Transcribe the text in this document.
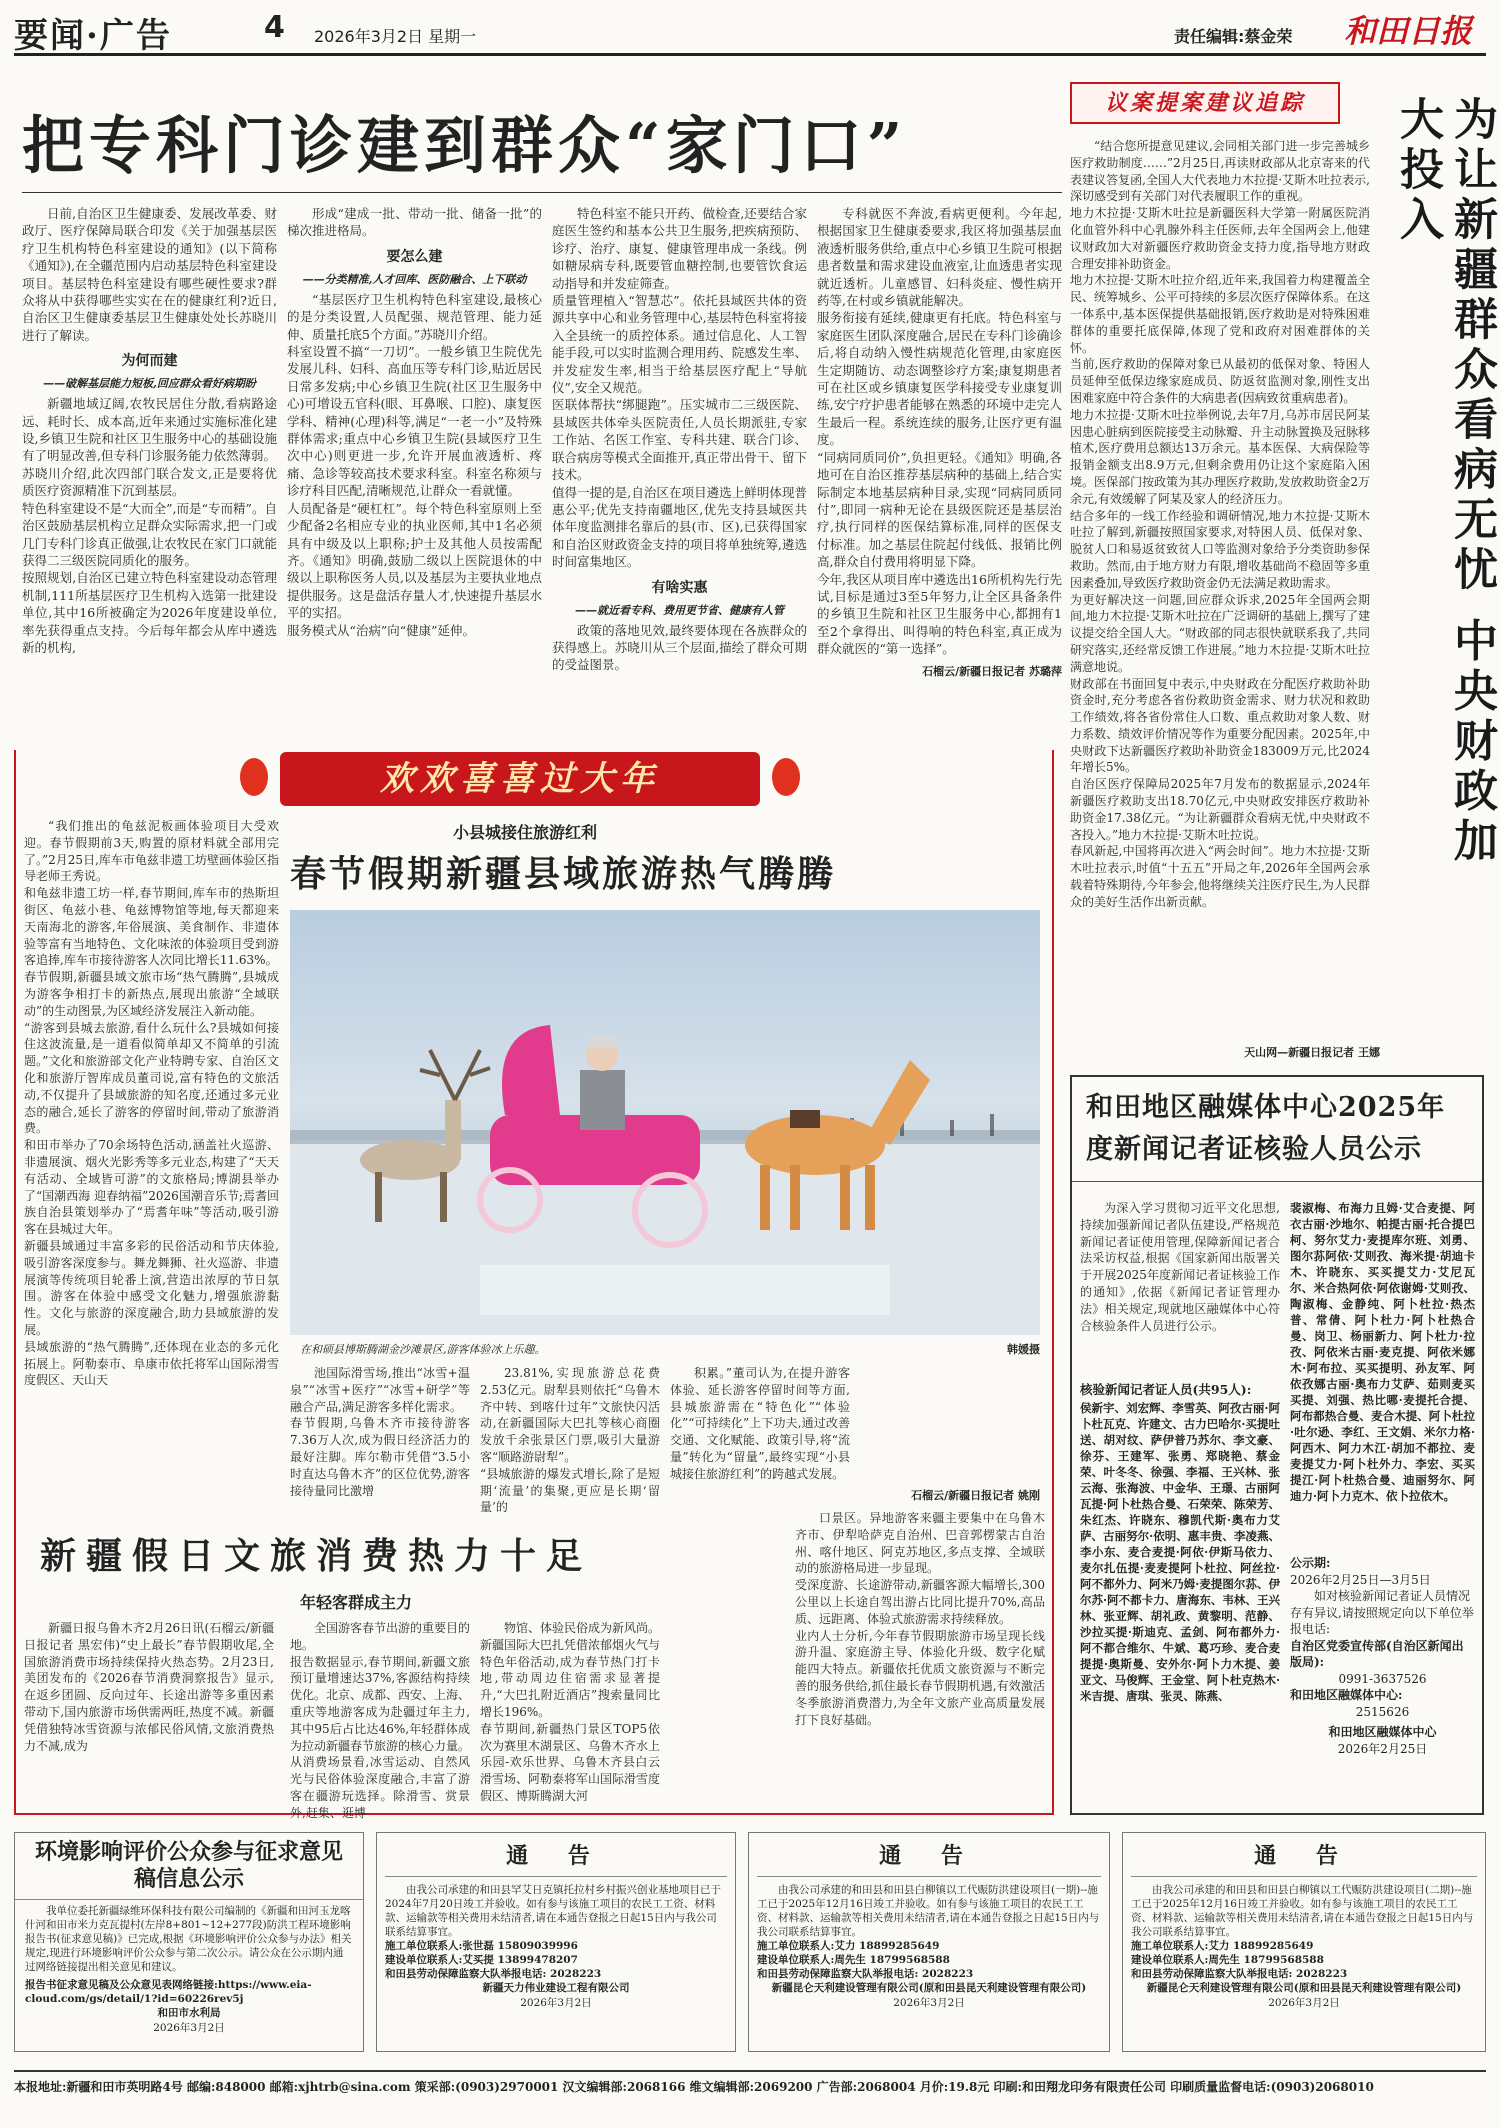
要闻·广告	4 2026年3月2日 星期一	责任编辑:蔡金荣 和田日报
把专科门诊建到群众“家门口”
日前,自治区卫生健康委、发展改革委、财政厅、医疗保障局联合印发《关于加强基层医疗卫生机构特色科室建设的通知》(以下简称《通知》),在全疆范围内启动基层特色科室建设项目。基层特色科室建设有哪些硬性要求?群众将从中获得哪些实实在在的健康红利?近日,自治区卫生健康委基层卫生健康处处长苏晓川进行了解读。
为何而建
——破解基层能力短板,回应群众看好病期盼
新疆地域辽阔,农牧民居住分散,看病路途远、耗时长、成本高,近年来通过实施标准化建设,乡镇卫生院和社区卫生服务中心的基础设施有了明显改善,但专科门诊服务能力依然薄弱。
苏晓川介绍,此次四部门联合发文,正是要将优质医疗资源精准下沉到基层。
特色科室建设不是“大而全”,而是“专而精”。自治区鼓励基层机构立足群众实际需求,把一门或几门专科门诊真正做强,让农牧民在家门口就能获得二三级医院同质化的服务。
按照规划,自治区已建立特色科室建设动态管理机制,111所基层医疗卫生机构入选第一批建设单位,其中16所被确定为2026年度建设单位,率先获得重点支持。今后每年都会从库中遴选新的机构,
形成“建成一批、带动一批、储备一批”的梯次推进格局。
要怎么建
——分类精准,人才回库、医防融合、上下联动
“基层医疗卫生机构特色科室建设,最核心的是分类设置,人员配强、规范管理、能力延伸、质量托底5个方面。”苏晓川介绍。
科室设置不搞“一刀切”。一般乡镇卫生院优先发展儿科、妇科、高血压等专科门诊,贴近居民日常多发病;中心乡镇卫生院(社区卫生服务中心)可增设五官科(眼、耳鼻喉、口腔)、康复医学科、精神(心理)科等,满足“一老一小”及特殊群体需求;重点中心乡镇卫生院(县域医疗卫生次中心)则更进一步,允许开展血液透析、疼痛、急诊等较高技术要求科室。科室名称须与诊疗科目匹配,清晰规范,让群众一看就懂。
人员配备是“硬杠杠”。每个特色科室原则上至少配备2名相应专业的执业医师,其中1名必须具有中级及以上职称;护士及其他人员按需配齐。《通知》明确,鼓励二级以上医院退休的中级以上职称医务人员,以及基层为主要执业地点提供服务。这是盘活存量人才,快速提升基层水平的实招。
服务模式从“治病”向“健康”延伸。
特色科室不能只开药、做检查,还要结合家庭医生签约和基本公共卫生服务,把疾病预防、诊疗、治疗、康复、健康管理串成一条线。例如糖尿病专科,既要管血糖控制,也要管饮食运动指导和并发症筛查。
质量管理植入“智慧芯”。依托县域医共体的资源共享中心和业务管理中心,基层特色科室将接入全县统一的质控体系。通过信息化、人工智能手段,可以实时监测合理用药、院感发生率、并发症发生率,相当于给基层医疗配上“导航仪”,安全又规范。
医联体帮扶“绑腿跑”。压实城市二三级医院、县域医共体牵头医院责任,人员长期派驻,专家工作站、名医工作室、专科共建、联合门诊、联合病房等模式全面推开,真正带出骨干、留下技术。
值得一提的是,自治区在项目遴选上鲜明体现普惠公平;优先支持南疆地区,优先支持县域医共体年度监测排名靠后的县(市、区),已获得国家和自治区财政资金支持的项目将单独统筹,遴选时间富集地区。
有啥实惠
——就近看专科、费用更节省、健康有人管
政策的落地见效,最终要体现在各族群众的获得感上。苏晓川从三个层面,描绘了群众可期的受益图景。
专科就医不奔波,看病更便利。今年起,根据国家卫生健康委要求,我区将加强基层血液透析服务供给,重点中心乡镇卫生院可根据患者数量和需求建设血液室,让血透患者实现就近透析。儿童感冒、妇科炎症、慢性病开药等,在村或乡镇就能解决。
服务衔接有延续,健康更有托底。特色科室与家庭医生团队深度融合,居民在专科门诊确诊后,将自动纳入慢性病规范化管理,由家庭医生定期随访、动态调整诊疗方案;康复期患者可在社区或乡镇康复医学科接受专业康复训练,安宁疗护患者能够在熟悉的环境中走完人生最后一程。系统连续的服务,让医疗更有温度。
“同病同质同价”,负担更轻。《通知》明确,各地可在自治区推荐基层病种的基础上,结合实际制定本地基层病种目录,实现“同病同质同付”,即同一病种无论在县级医院还是基层治疗,执行同样的医保结算标准,同样的医保支付标准。加之基层住院起付线低、报销比例高,群众自付费用将明显下降。
今年,我区从项目库中遴选出16所机构先行先试,目标是通过3至5年努力,让全区具备条件的乡镇卫生院和社区卫生服务中心,都拥有1至2个拿得出、叫得响的特色科室,真正成为群众就医的“第一选择”。
石榴云/新疆日报记者 苏璐萍
议案提案建议追踪	为让新疆群众看病无忧 中央财政加大投入
“结合您所提意见建议,会同相关部门进一步完善城乡医疗救助制度……”2月25日,再读财政部从北京寄来的代表建议答复函,全国人大代表地力木拉提·艾斯木吐拉表示,深切感受到有关部门对代表履职工作的重视。
地力木拉提·艾斯木吐拉是新疆医科大学第一附属医院消化血管外科中心乳腺外科主任医师,去年全国两会上,他建议财政加大对新疆医疗救助资金支持力度,指导地方财政合理安排补助资金。
地力木拉提·艾斯木吐拉介绍,近年来,我国着力构建覆盖全民、统筹城乡、公平可持续的多层次医疗保障体系。在这一体系中,基本医保提供基础报销,医疗救助是对特殊困难群体的重要托底保障,体现了党和政府对困难群体的关怀。
当前,医疗救助的保障对象已从最初的低保对象、特困人员延伸至低保边缘家庭成员、防返贫监测对象,刚性支出困难家庭中符合条件的大病患者(因病致贫重病患者)。
地力木拉提·艾斯木吐拉举例说,去年7月,乌苏市居民阿某因患心脏病到医院接受主动脉瓣、升主动脉置换及冠脉移植术,医疗费用总额达13万余元。基本医保、大病保险等报销金额支出8.9万元,但剩余费用仍让这个家庭陷入困境。医保部门按政策为其办理医疗救助,发放救助资金2万余元,有效缓解了阿某及家人的经济压力。
结合多年的一线工作经验和调研情况,地力木拉提·艾斯木吐拉了解到,新疆按照国家要求,对特困人员、低保对象、脱贫人口和易返贫致贫人口等监测对象给予分类资助参保救助。然而,由于地方财力有限,增收基础尚不稳固等多重因素叠加,导致医疗救助资金仍无法满足救助需求。
为更好解决这一问题,回应群众诉求,2025年全国两会期间,地力木拉提·艾斯木吐拉在广泛调研的基础上,撰写了建议提交给全国人大。“财政部的同志很快就联系我了,共同研究落实,还经常反馈工作进展。”地力木拉提·艾斯木吐拉满意地说。
财政部在书面回复中表示,中央财政在分配医疗救助补助资金时,充分考虑各省份救助资金需求、财力状况和救助工作绩效,将各省份常住人口数、重点救助对象人数、财力系数、绩效评价情况等作为重要分配因素。2025年,中央财政下达新疆医疗救助补助资金183009万元,比2024年增长5%。
自治区医疗保障局2025年7月发布的数据显示,2024年新疆医疗救助支出18.70亿元,中央财政安排医疗救助补助资金17.38亿元。“为让新疆群众看病无忧,中央财政不吝投入。”地力木拉提·艾斯木吐拉说。
春风新起,中国将再次进入“两会时间”。地力木拉提·艾斯木吐拉表示,时值“十五五”开局之年,2026年全国两会承载着特殊期待,今年参会,他将继续关注医疗民生,为人民群众的美好生活作出新贡献。
天山网—新疆日报记者 王娜
欢欢喜喜过大年
小县城接住旅游红利
春节假期新疆县域旅游热气腾腾
“我们推出的龟兹泥板画体验项目大受欢迎。春节假期前3天,购置的原材料就全部用完了。”2月25日,库车市龟兹非遗工坊壁画体验区指导老师王秀说。
和龟兹非遗工坊一样,春节期间,库车市的热斯坦街区、龟兹小巷、龟兹博物馆等地,每天都迎来天南海北的游客,年俗展演、美食制作、非遗体验等富有当地特色、文化味浓的体验项目受到游客追捧,库车市接待游客人次同比增长11.63%。
春节假期,新疆县域文旅市场“热气腾腾”,县城成为游客争相打卡的新热点,展现出旅游“全域联动”的生动图景,为区域经济发展注入新动能。
“游客到县城去旅游,看什么玩什么?县城如何接住这波流量,是一道看似简单却又不简单的引流题。”文化和旅游部文化产业特聘专家、自治区文化和旅游厅智库成员董司说,富有特色的文旅活动,不仅提升了县域旅游的知名度,还通过多元业态的融合,延长了游客的停留时间,带动了旅游消费。
和田市举办了70余场特色活动,涵盖社火巡游、非遗展演、烟火光影秀等多元业态,构建了“天天有活动、全域皆可游”的文旅格局;博湖县举办了“国潮西海 迎春纳福”2026国潮音乐节;焉耆回族自治县策划举办了“焉耆年味”等活动,吸引游客在县城过大年。
新疆县域通过丰富多彩的民俗活动和节庆体验,吸引游客深度参与。舞龙舞狮、社火巡游、非遗展演等传统项目轮番上演,营造出浓厚的节日氛围。游客在体验中感受文化魅力,增强旅游黏性。文化与旅游的深度融合,助力县域旅游的发展。
县域旅游的“热气腾腾”,还体现在业态的多元化拓展上。阿勒泰市、阜康市依托将军山国际滑雪度假区、天山天
在和硕县博斯腾湖金沙滩景区,游客体验冰上乐趣。	韩媛摄
池国际滑雪场,推出“冰雪+温泉”“冰雪+医疗”“冰雪+研学”等融合产品,满足游客多样化需求。
春节假期,乌鲁木齐市接待游客7.36万人次,成为假日经济活力的最好注脚。库尔勒市凭借“3.5小时直达乌鲁木齐”的区位优势,游客接待量同比激增
23.81%,实现旅游总花费2.53亿元。尉犁县则依托“乌鲁木齐中转、到喀什过年”文旅快闪活动,在新疆国际大巴扎等核心商圈发放千余张景区门票,吸引大量游客“顺路游尉犁”。
“县城旅游的爆发式增长,除了是短期‘流量’的集聚,更应是长期‘留量’的
积累。”董司认为,在提升游客体验、延长游客停留时间等方面,县城旅游需在“特色化”“体验化”“可持续化”上下功夫,通过改善交通、文化赋能、政策引导,将“流量”转化为“留量”,最终实现“小县城接住旅游红利”的跨越式发展。
石榴云/新疆日报记者 姚刚
新疆假日文旅消费热力十足
年轻客群成主力
新疆日报乌鲁木齐2月26日讯(石榴云/新疆日报记者 黑宏伟)“史上最长”春节假期收尾,全国旅游消费市场持续保持火热态势。2月23日,美团发布的《2026春节消费洞察报告》显示,在返乡团圆、反向过年、长途出游等多重因素带动下,国内旅游市场供需两旺,热度不减。新疆凭借独特冰雪资源与浓郁民俗风情,文旅消费热力不减,成为
全国游客春节出游的重要目的地。
报告数据显示,春节期间,新疆文旅预订量增速达37%,客源结构持续优化。北京、成都、西安、上海、重庆等地游客成为赴疆过年主力,其中95后占比达46%,年轻群体成为拉动新疆春节旅游的核心力量。
从消费场景看,冰雪运动、自然风光与民俗体验深度融合,丰富了游客在疆游玩选择。除滑雪、赏景外,赶集、逛博
物馆、体验民俗成为新风尚。新疆国际大巴扎凭借浓郁烟火气与特色年俗活动,成为春节热门打卡地,带动周边住宿需求显著提升,“大巴扎附近酒店”搜索量同比增长196%。
春节期间,新疆热门景区TOP5依次为赛里木湖景区、乌鲁木齐水上乐园-欢乐世界、乌鲁木齐县白云滑雪场、阿勒泰将军山国际滑雪度假区、博斯腾湖大河
口景区。异地游客来疆主要集中在乌鲁木齐市、伊犁哈萨克自治州、巴音郭楞蒙古自治州、喀什地区、阿克苏地区,多点支撑、全域联动的旅游格局进一步显现。
受深度游、长途游带动,新疆客源大幅增长,300公里以上长途自驾出游占比同比提升70%,高品质、远距离、体验式旅游需求持续释放。
业内人士分析,今年春节假期旅游市场呈现长线游升温、家庭游主导、体验化升级、数字化赋能四大特点。新疆依托优质文旅资源与不断完善的服务供给,抓住最长春节假期机遇,有效激活冬季旅游消费潜力,为全年文旅产业高质量发展打下良好基础。
和田地区融媒体中心2025年度新闻记者证核验人员公示
为深入学习贯彻习近平文化思想,持续加强新闻记者队伍建设,严格规范新闻记者证使用管理,保障新闻记者合法采访权益,根据《国家新闻出版署关于开展2025年度新闻记者证核验工作的通知》,依据《新闻记者证管理办法》相关规定,现就地区融媒体中心符合核验条件人员进行公示。
核验新闻记者证人员(共95人):
侯新宇、刘宏辉、李雪英、阿孜古丽·阿卜杜瓦克、许建文、古力巴哈尔·买提吐送、胡对纹、萨伊普乃苏尔、李文豪、徐芬、王建军、张勇、郑晓艳、蔡金荣、叶冬冬、徐强、李福、王兴林、张云海、张海波、中金华、王璟、古丽阿瓦提·阿卜杜热合曼、石荣荣、陈荣芳、朱红杰、许晓东、穆凯代斯·奥布力艾萨、古丽努尔·依明、惠丰贵、李凌燕、李小东、麦合麦提·阿依·伊斯马依力、麦尔扎伍提·麦麦提阿卜杜拉、阿丝拉·阿不都外力、阿米乃姆·麦提图尔荪、伊尔苏·阿不都卡力、唐海东、韦林、王兴林、张亚辉、胡礼政、黄黎明、范静、沙拉买提·斯迪克、孟剑、阿布都外力·阿不都合维尔、牛斌、葛巧珍、麦合麦提提·奥斯曼、安外尔·阿卜力木提、姜亚文、马俊辉、王金堂、阿卜杜克热木·米吉提、唐琪、张灵、陈燕、
裴淑梅、布海力且姆·艾合麦提、阿衣古丽·沙地尔、帕提古丽·托合提巴柯、努尔艾力·麦提库尔班、刘勇、图尔荪阿依·艾则孜、海米提·胡迪卡木、许晓东、买买提艾力·艾尼瓦尔、米合热阿依·阿依谢姆·艾则孜、陶淑梅、金静纯、阿卜杜拉·热杰普、常倩、阿卜杜力·阿卜杜热合曼、岗卫、杨丽新力、阿卜杜力·拉孜、阿依米古丽·麦克提、阿依米娜木·阿布拉、买买提明、孙友军、阿依孜娜古丽·奥布力艾萨、茹则麦买买提、刘强、热比哪·麦提托合提、阿布都热合曼、麦合木提、阿卜杜拉·吐尔逊、李红、王文娟、米尔力格·阿西木、阿力木江·胡加不都拉、麦麦提艾力·阿卜杜外力、李宏、买买提江·阿卜杜热合曼、迪丽努尔、阿迪力·阿卜力克木、依卜拉依木。
公示期:
2026年2月25日—3月5日
如对核验新闻记者证人员情况存有异议,请按照规定向以下单位举报电话:
自治区党委宣传部(自治区新闻出版局):
0991-3637526
和田地区融媒体中心:
2515626
和田地区融媒体中心
2026年2月25日
环境影响评价公众参与征求意见稿信息公示
我单位委托新疆绿维环保科技有限公司编制的《新疆和田河玉龙喀什河和田市米力克瓦提村(左岸8+801~12+277段)防洪工程环境影响报告书(征求意见稿)》已完成,根据《环境影响评价公众参与办法》相关规定,现进行环境影响评价公众参与第二次公示。请公众在公示期内通过网络链接提出相关意见和建议。
报告书征求意见稿及公众意见表网络链接:https://www.eia-cloud.com/gs/detail/1?id=60226rev5j
和田市水利局
2026年3月2日
通 告
由我公司承建的和田县罕艾日克镇托拉村乡村振兴创业基地项目已于2024年7月20日竣工并验收。如有参与该施工项目的农民工工资、材料款、运输款等相关费用未结清者,请在本通告登报之日起15日内与我公司联系结算事宜。
施工单位联系人:张世磊 15809039996
建设单位联系人:艾买提 13899478207
和田县劳动保障监察大队举报电话: 2028223
新疆天力伟业建设工程有限公司
2026年3月2日
通 告
由我公司承建的和田县和田县白柳镇以工代赈防洪建设项目(一期)--施工已于2025年12月16日竣工并验收。如有参与该施工项目的农民工工资、材料款、运输款等相关费用未结清者,请在本通告登报之日起15日内与我公司联系结算事宜。
施工单位联系人:艾力 18899285649
建设单位联系人:周先生 18799568588
和田县劳动保障监察大队举报电话: 2028223
新疆昆仑天利建设管理有限公司(原和田县昆天利建设管理有限公司)
2026年3月2日
通 告
由我公司承建的和田县和田县白柳镇以工代赈防洪建设项目(二期)--施工已于2025年12月16日竣工并验收。如有参与该施工项目的农民工工资、材料款、运输款等相关费用未结清者,请在本通告登报之日起15日内与我公司联系结算事宜。
施工单位联系人:艾力 18899285649
建设单位联系人:周先生 18799568588
和田县劳动保障监察大队举报电话: 2028223
新疆昆仑天利建设管理有限公司(原和田县昆天利建设管理有限公司)
2026年3月2日
本报地址:新疆和田市英明路4号 邮编:848000 邮箱:xjhtrb@sina.com 策采部:(0903)2970001 汉文编辑部:2068166 维文编辑部:2069200 广告部:2068004 月价:19.8元 印刷:和田翔龙印务有限责任公司 印刷质量监督电话:(0903)2068010
